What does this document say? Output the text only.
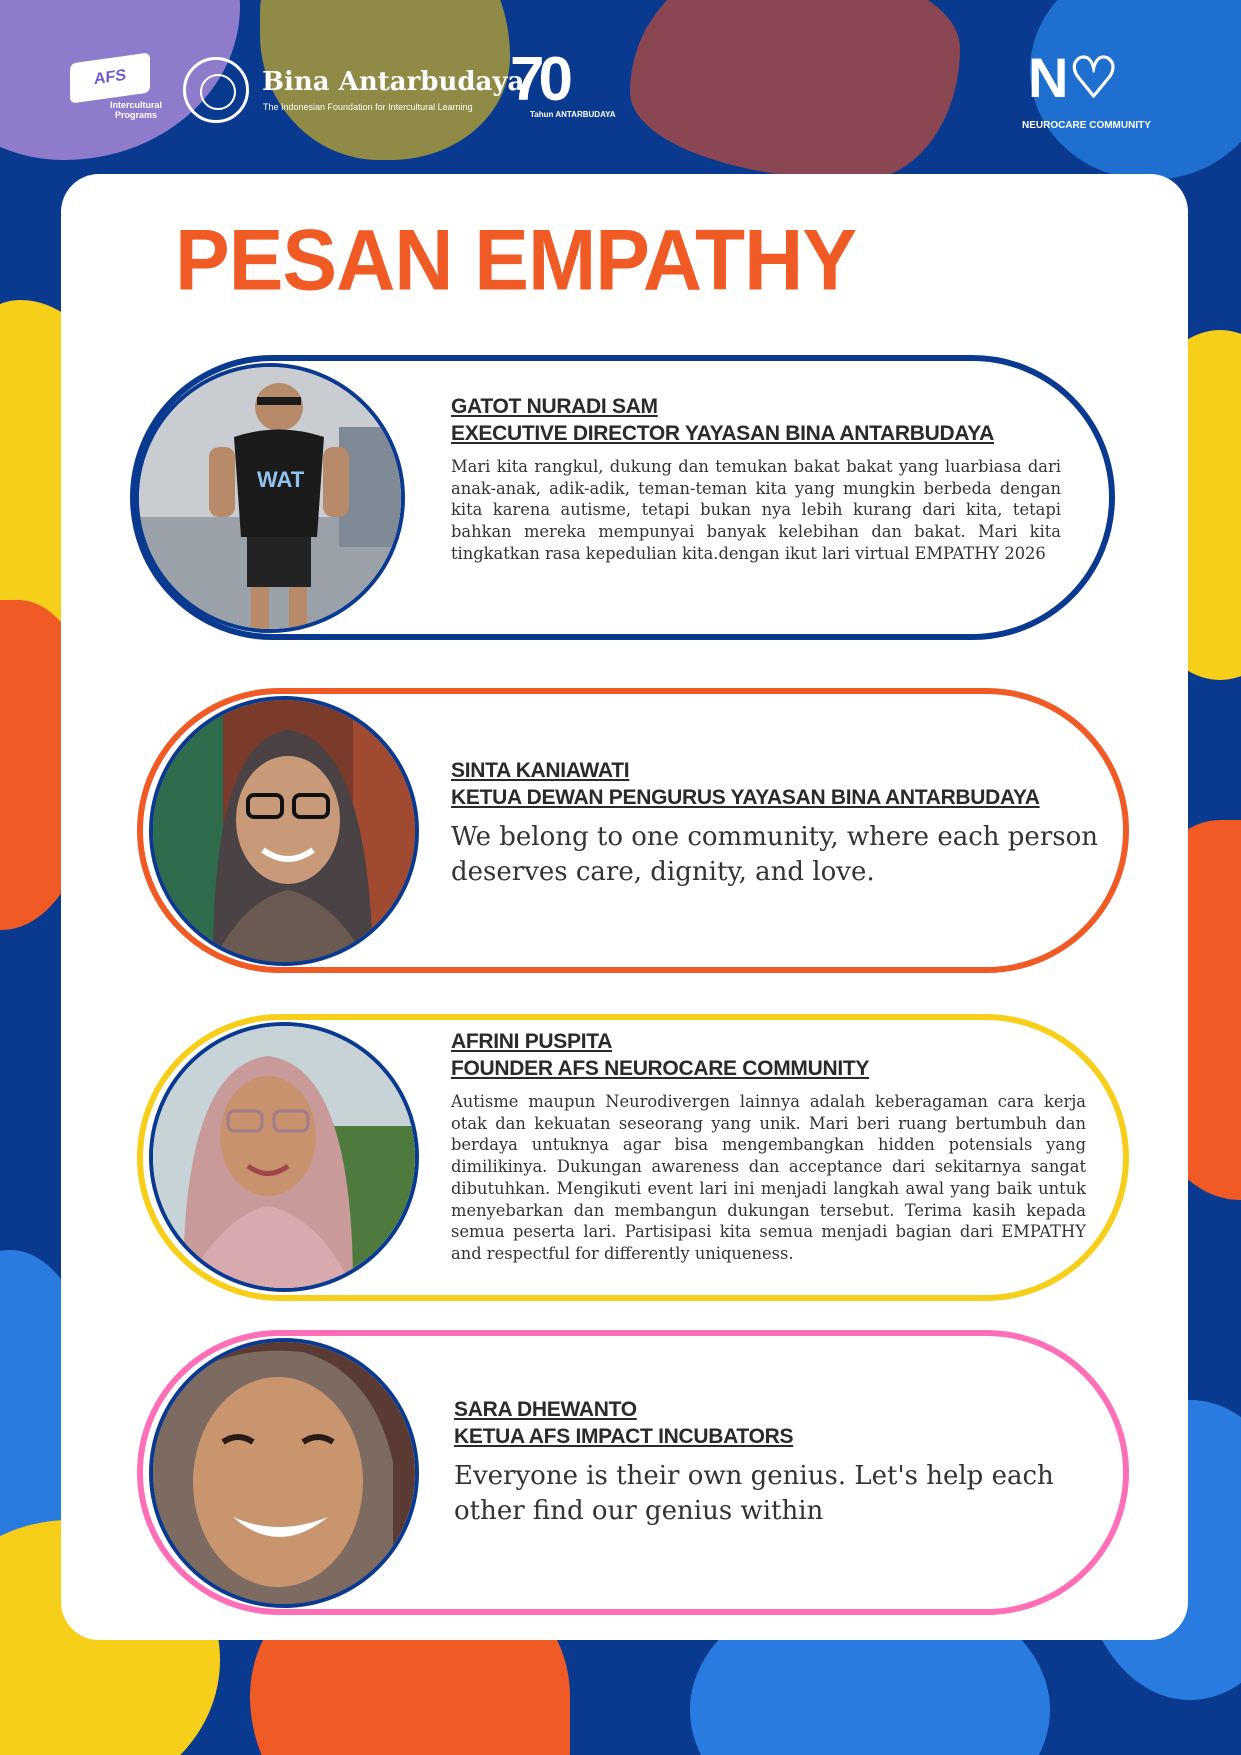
AFS
Intercultural Programs
Bina Antarbudaya
The Indonesian Foundation for Intercultural Learning 70
Tahun ANTARBUDAYA
N♡
NEUROCARE COMMUNITY
PESAN EMPATHY

GATOT NURADI SAM

EXECUTIVE DIRECTOR YAYASAN BINA ANTARBUDAYA

Mari kita rangkul, dukung dan temukan bakat bakat yang luarbiasa dari anak-anak, adik-adik, teman-teman kita yang mungkin berbeda dengan kita karena autisme, tetapi bukan nya lebih kurang dari kita, tetapi bahkan mereka mempunyai banyak kelebihan dan bakat. Mari kita tingkatkan rasa kepedulian kita.dengan ikut lari virtual EMPATHY 2026

WAT

SINTA KANIAWATI

KETUA DEWAN PENGURUS YAYASAN BINA ANTARBUDAYA

We belong to one community, where each person deserves care, dignity, and love.

AFRINI PUSPITA

FOUNDER AFS NEUROCARE COMMUNITY

Autisme maupun Neurodivergen lainnya adalah keberagaman cara kerja otak dan kekuatan seseorang yang unik. Mari beri ruang bertumbuh dan berdaya untuknya agar bisa mengembangkan hidden potensials yang dimilikinya. Dukungan awareness dan acceptance dari sekitarnya sangat dibutuhkan. Mengikuti event lari ini menjadi langkah awal yang baik untuk menyebarkan dan membangun dukungan tersebut. Terima kasih kepada semua peserta lari. Partisipasi kita semua menjadi bagian dari EMPATHY and respectful for differently uniqueness.

SARA DHEWANTO

KETUA AFS IMPACT INCUBATORS

Everyone is their own genius. Let's help each other find our genius within
